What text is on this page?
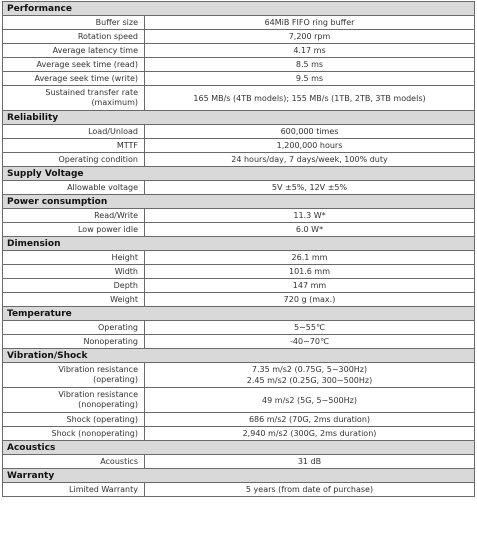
Performance	
Buffer size	64MiB FIFO ring buffer
Rotation speed	7,200 rpm
Average latency time	4.17 ms
Average seek time (read)	8.5 ms
Average seek time (write)	9.5 ms

Sustained transfer rate
(maximum)	165 MB/s (4TB models); 155 MB/s (1TB, 2TB, 3TB models)
Reliability	
Load/Unload	600,000 times
MTTF	1,200,000 hours
Operating condition	24 hours/day, 7 days/week, 100% duty
Supply Voltage	
Allowable voltage	5V ±5%, 12V ±5%
Power consumption	
Read/Write	11.3 W*
Low power idle	6.0 W*
Dimension	
Height	26.1 mm
Width	101.6 mm
Depth	147 mm
Weight	720 g (max.)
Temperature	
Operating	5∼55℃
Nonoperating	-40∼70℃
Vibration/Shock	

Vibration resistance
(operating)	7.35 m/s2 (0.75G, 5∼300Hz)
2.45 m/s2 (0.25G, 300∼500Hz)

Vibration resistance
(nonoperating)	49 m/s2 (5G, 5∼500Hz)
Shock (operating)	686 m/s2 (70G, 2ms duration)
Shock (nonoperating)	2,940 m/s2 (300G, 2ms duration)
Acoustics	
Acoustics	31 dB
Warranty	
Limited Warranty	5 years (from date of purchase)
